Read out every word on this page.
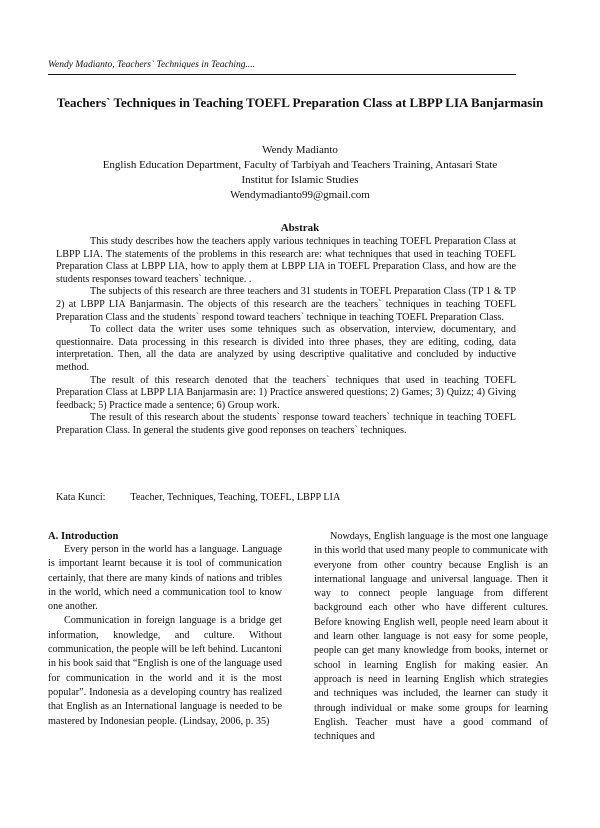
Wendy Madianto, Teachers` Techniques in Teaching....
Teachers` Techniques in Teaching TOEFL Preparation Class at LBPP LIA Banjarmasin
Wendy Madianto
English Education Department, Faculty of Tarbiyah and Teachers Training, Antasari State
Institut for Islamic Studies
Wendymadianto99@gmail.com
Abstrak

This study describes how the teachers apply various techniques in teaching TOEFL Preparation Class at LBPP LIA. The statements of the problems in this research are: what techniques that used in teaching TOEFL Preparation Class at LBPP LIA, how to apply them at LBPP LIA in TOEFL Preparation Class, and how are the students responses toward teachers` technique. .

The subjects of this research are three teachers and 31 students in TOEFL Preparation Class (TP 1 & TP 2) at LBPP LIA Banjarmasin. The objects of this research are the teachers` techniques in teaching TOEFL Preparation Class and the students` respond toward teachers` technique in teaching TOEFL Preparation Class.

To collect data the writer uses some tehniques such as observation, interview, documentary, and questionnaire. Data processing in this research is divided into three phases, they are editing, coding, data interpretation. Then, all the data are analyzed by using descriptive qualitative and concluded by inductive method.

The result of this research denoted that the teachers` techniques that used in teaching TOEFL Preparation Class at LBPP LIA Banjarmasin are: 1) Practice answered questions; 2) Games; 3) Quizz; 4) Giving feedback; 5) Practice made a sentence; 6) Group work.

The result of this research about the students` response toward teachers` technique in teaching TOEFL Preparation Class. In general the students give good reponses on teachers` techniques.

Kata Kunci: Teacher, Techniques, Teaching, TOEFL, LBPP LIA
A. Introduction

Every person in the world has a language. Language is important learnt because it is tool of communication certainly, that there are many kinds of nations and tribles in the world, which need a communication tool to know one another.

Communication in foreign language is a bridge get information, knowledge, and culture. Without communication, the people will be left behind. Lucantoni in his book said that “English is one of the language used for communication in the world and it is the most popular”. Indonesia as a developing country has realized that English as an International language is needed to be mastered by Indonesian people. (Lindsay, 2006, p. 35)

Nowdays, English language is the most one language in this world that used many people to communicate with everyone from other country because English is an international language and universal language. Then it way to connect people language from different background each other who have different cultures. Before knowing English well, people need learn about it and learn other language is not easy for some people, people can get many knowledge from books, internet or school in learning English for making easier. An approach is need in learning English which strategies and techniques was included, the learner can study it through individual or make some groups for learning English. Teacher must have a good command of techniques and
